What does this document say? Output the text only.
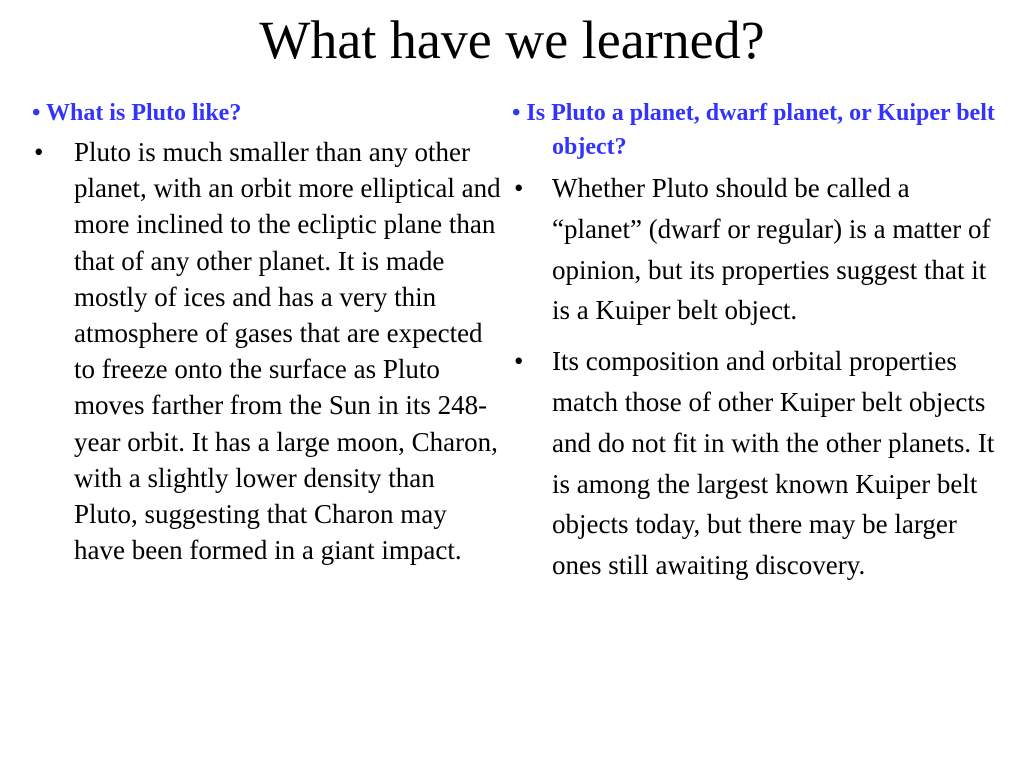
What have we learned?
• What is Pluto like?
• Pluto is much smaller than any other planet, with an orbit more elliptical and more inclined to the ecliptic plane than that of any other planet. It is made mostly of ices and has a very thin atmosphere of gases that are expected to freeze onto the surface as Pluto moves farther from the Sun in its 248-year orbit. It has a large moon, Charon, with a slightly lower density than Pluto, suggesting that Charon may have been formed in a giant impact.
• Is Pluto a planet, dwarf planet, or Kuiper belt object?
• Whether Pluto should be called a “planet” (dwarf or regular) is a matter of opinion, but its properties suggest that it is a Kuiper belt object.
• Its composition and orbital properties match those of other Kuiper belt objects and do not fit in with the other planets. It is among the largest known Kuiper belt objects today, but there may be larger ones still awaiting discovery.
